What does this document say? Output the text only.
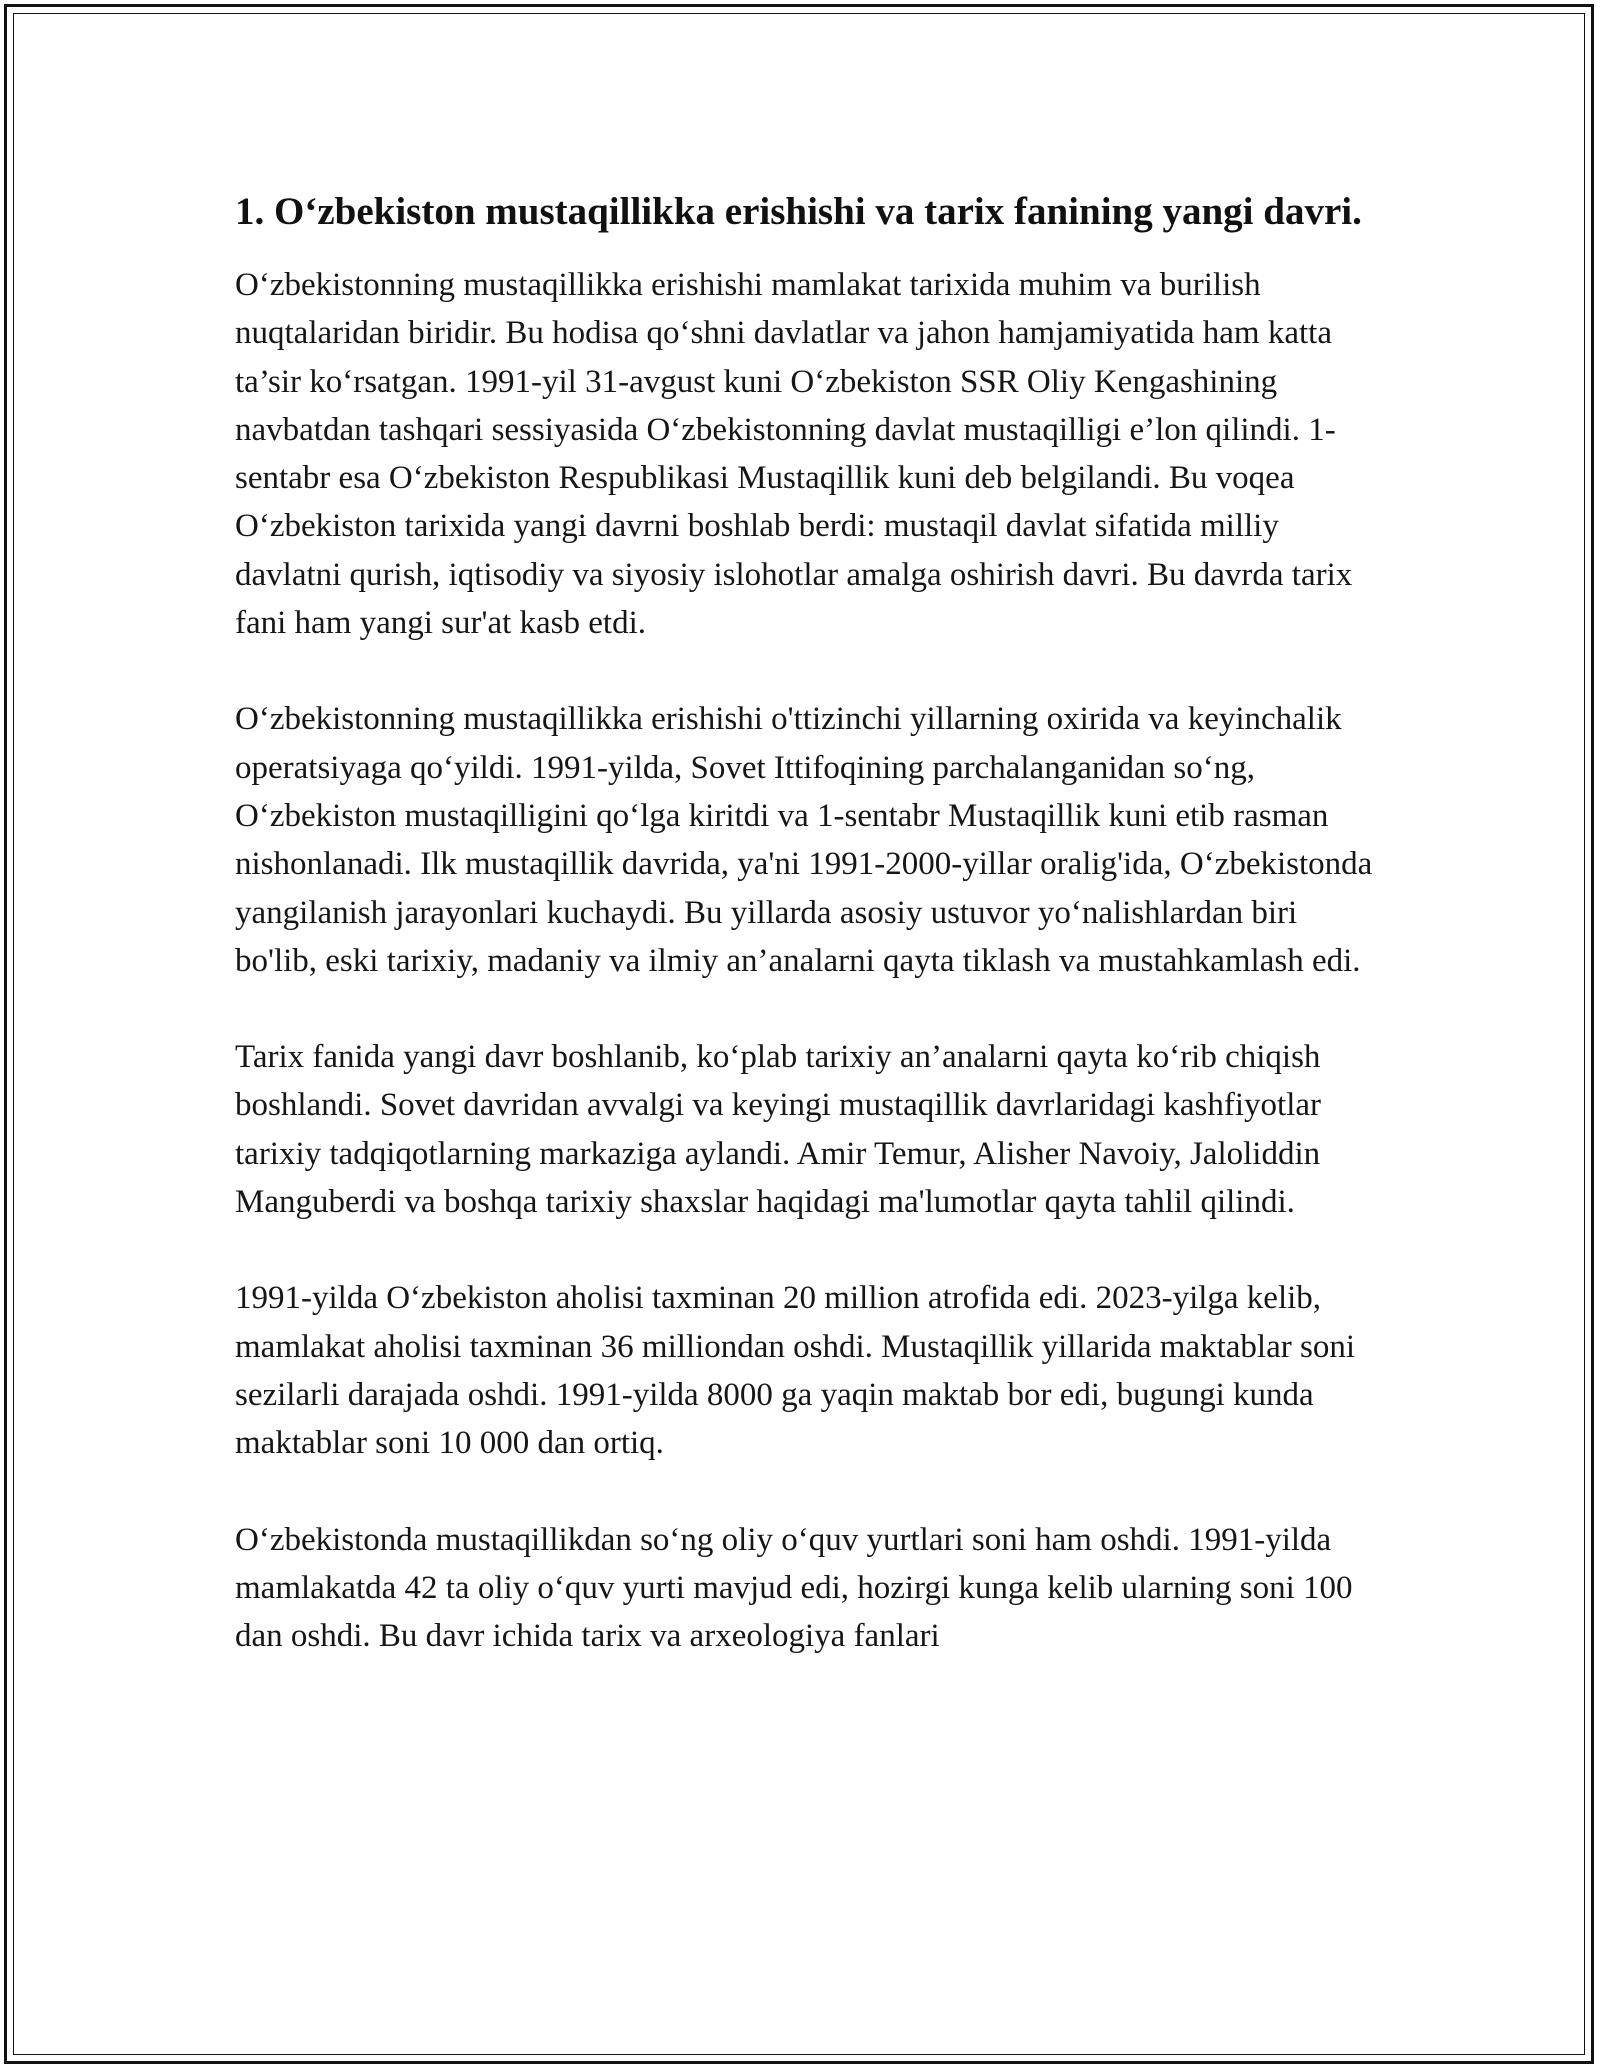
1. O‘zbekiston mustaqillikka erishishi va tarix fanining yangi davri.

O‘zbekistonning mustaqillikka erishishi mamlakat tarixida muhim va burilish nuqtalaridan biridir. Bu hodisa qo‘shni davlatlar va jahon hamjamiyatida ham katta ta’sir ko‘rsatgan. 1991-yil 31-avgust kuni O‘zbekiston SSR Oliy Kengashining navbatdan tashqari sessiyasida O‘zbekistonning davlat mustaqilligi e’lon qilindi. 1-sentabr esa O‘zbekiston Respublikasi Mustaqillik kuni deb belgilandi. Bu voqea O‘zbekiston tarixida yangi davrni boshlab berdi: mustaqil davlat sifatida milliy davlatni qurish, iqtisodiy va siyosiy islohotlar amalga oshirish davri. Bu davrda tarix fani ham yangi sur'at kasb etdi.

O‘zbekistonning mustaqillikka erishishi o'ttizinchi yillarning oxirida va keyinchalik operatsiyaga qo‘yildi. 1991-yilda, Sovet Ittifoqining parchalanganidan so‘ng, O‘zbekiston mustaqilligini qo‘lga kiritdi va 1-sentabr Mustaqillik kuni etib rasman nishonlanadi. Ilk mustaqillik davrida, ya'ni 1991-2000-yillar oralig'ida, O‘zbekistonda yangilanish jarayonlari kuchaydi. Bu yillarda asosiy ustuvor yo‘nalishlardan biri bo'lib, eski tarixiy, madaniy va ilmiy an’analarni qayta tiklash va mustahkamlash edi.

Tarix fanida yangi davr boshlanib, ko‘plab tarixiy an’analarni qayta ko‘rib chiqish boshlandi. Sovet davridan avvalgi va keyingi mustaqillik davrlaridagi kashfiyotlar tarixiy tadqiqotlarning markaziga aylandi. Amir Temur, Alisher Navoiy, Jaloliddin Manguberdi va boshqa tarixiy shaxslar haqidagi ma'lumotlar qayta tahlil qilindi.

1991-yilda O‘zbekiston aholisi taxminan 20 million atrofida edi. 2023-yilga kelib, mamlakat aholisi taxminan 36 milliondan oshdi. Mustaqillik yillarida maktablar soni sezilarli darajada oshdi. 1991-yilda 8000 ga yaqin maktab bor edi, bugungi kunda maktablar soni 10 000 dan ortiq.

O‘zbekistonda mustaqillikdan so‘ng oliy o‘quv yurtlari soni ham oshdi. 1991-yilda mamlakatda 42 ta oliy o‘quv yurti mavjud edi, hozirgi kunga kelib ularning soni 100 dan oshdi. Bu davr ichida tarix va arxeologiya fanlari
